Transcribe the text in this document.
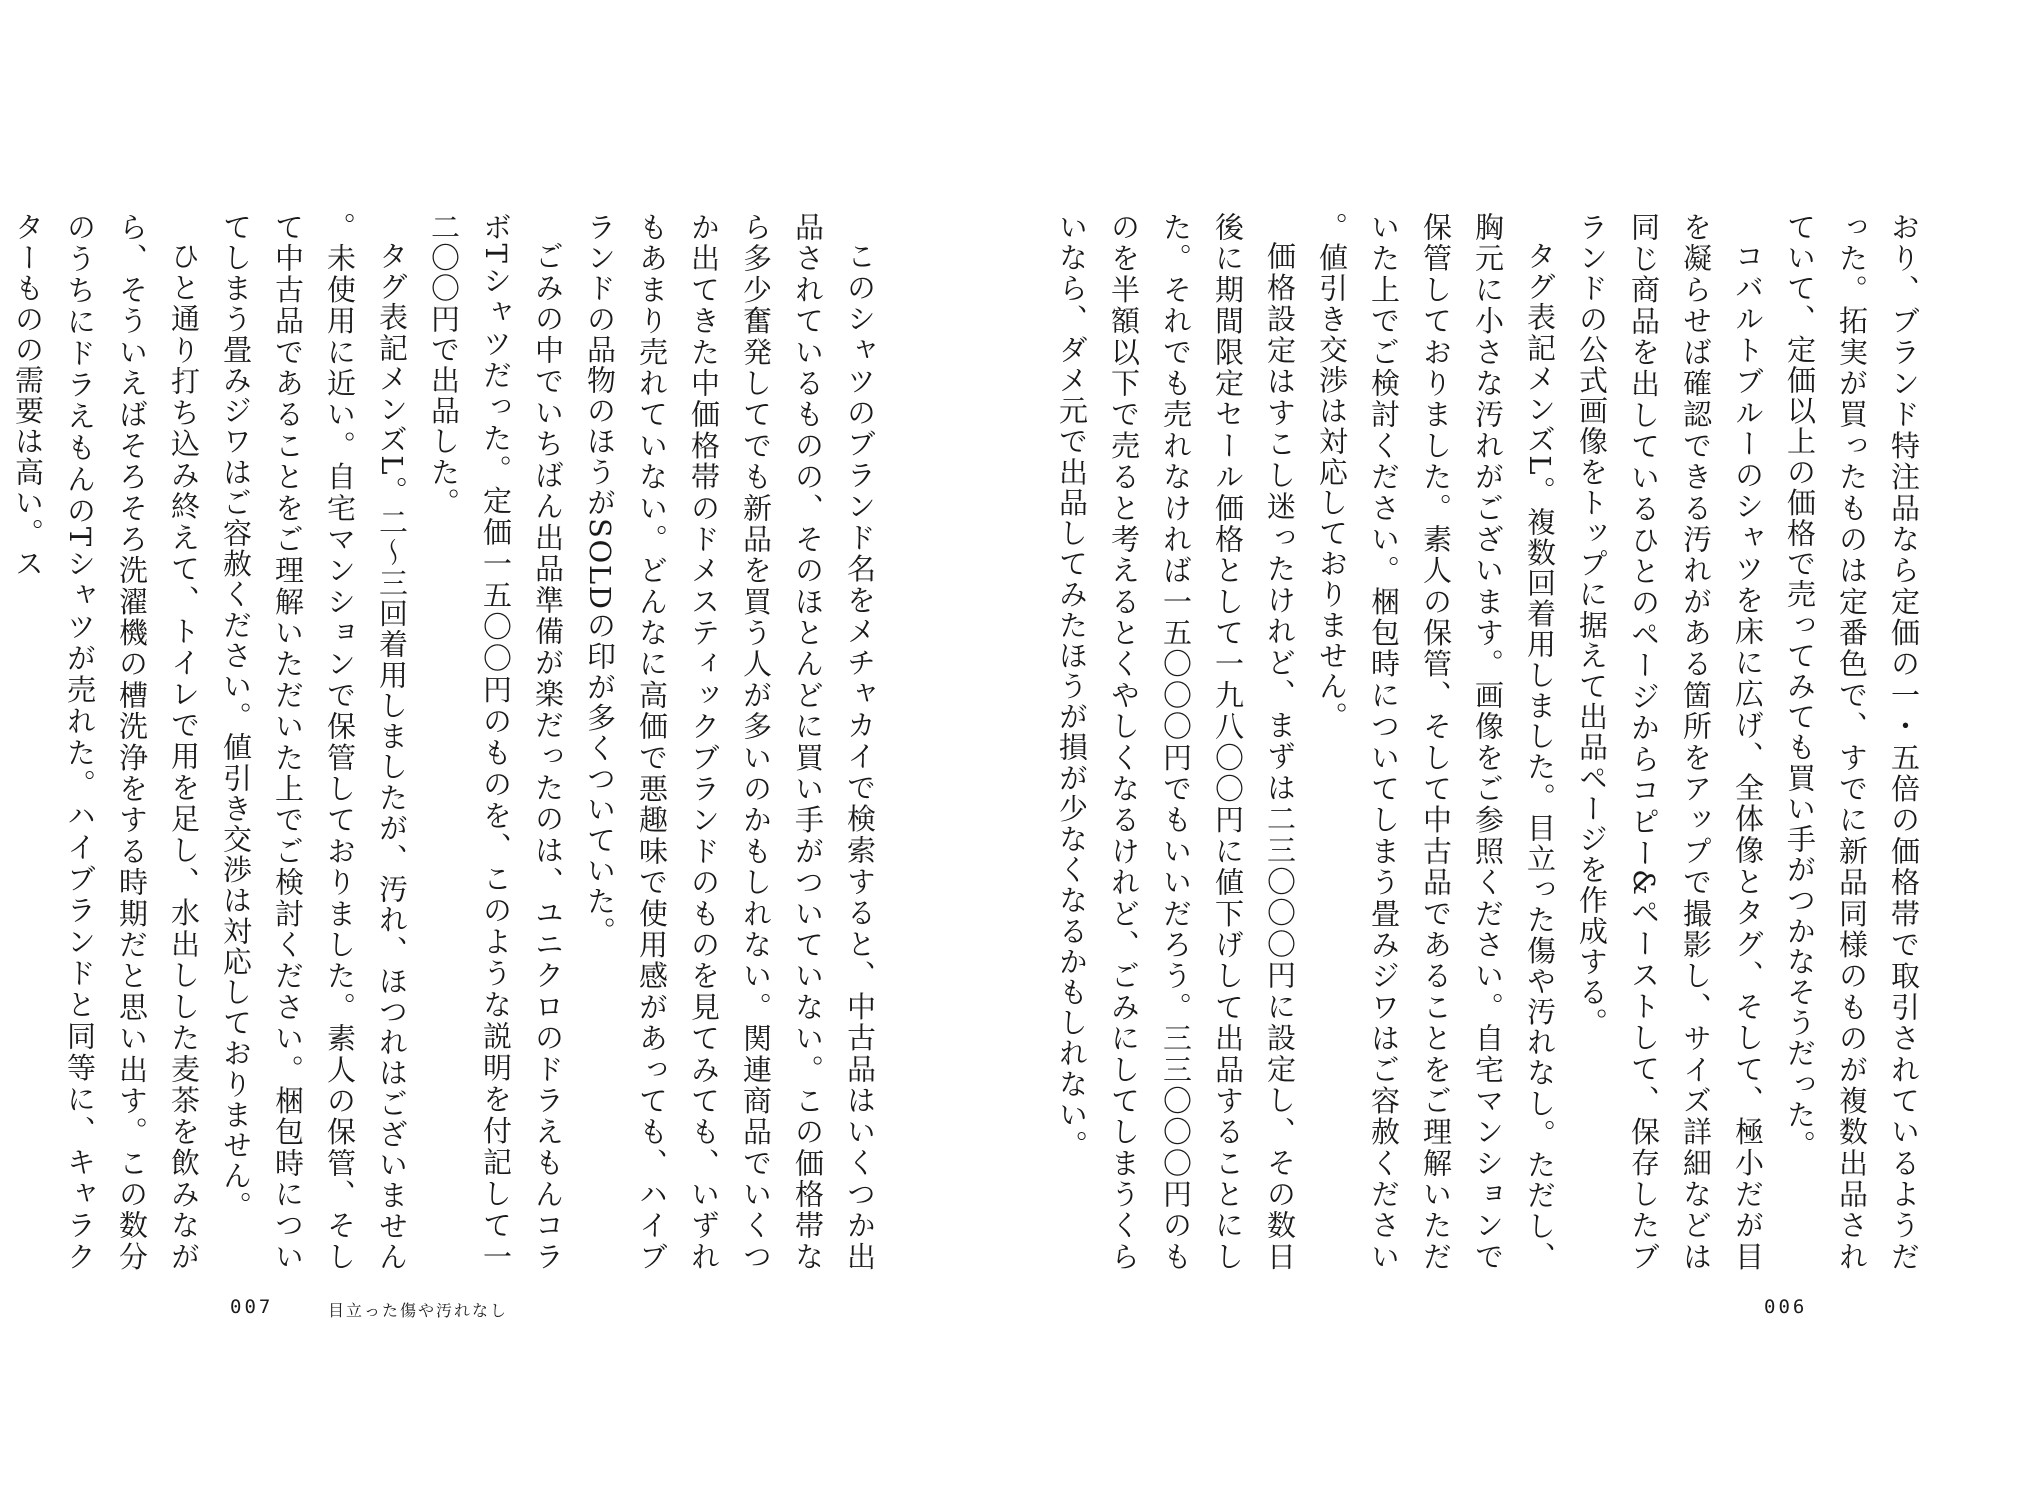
おり、ブランド特注品なら定価の一・五倍の価格帯で取引されているようだった。拓実が買ったものは定番色で、すでに新品同様のものが複数出品されていて、定価以上の価格で売ってみても買い手がつかなそうだった。

コバルトブルーのシャツを床に広げ、全体像とタグ、そして、極小だが目を凝らせば確認できる汚れがある箇所をアップで撮影し、サイズ詳細などは同じ商品を出しているひとのページからコピー&ペーストして、保存したブランドの公式画像をトップに据えて出品ページを作成する。

タグ表記メンズL。複数回着用しました。目立った傷や汚れなし。ただし、胸元に小さな汚れがございます。画像をご参照ください。自宅マンションで保管しておりました。素人の保管、そして中古品であることをご理解いただいた上でご検討ください。梱包時についてしまう畳みジワはご容赦ください。値引き交渉は対応しておりません。

価格設定はすこし迷ったけれど、まずは二三〇〇〇円に設定し、その数日後に期間限定セール価格として一九八〇〇円に値下げして出品することにした。それでも売れなければ一五〇〇〇円でもいいだろう。三三〇〇〇円のものを半額以下で売ると考えるとくやしくなるけれど、ごみにしてしまうくらいなら、ダメ元で出品してみたほうが損が少なくなるかもしれない。

006

このシャツのブランド名をメチャカイで検索すると、中古品はいくつか出品されているものの、そのほとんどに買い手がついていない。この価格帯なら多少奮発してでも新品を買う人が多いのかもしれない。関連商品でいくつか出てきた中価格帯のドメスティックブランドのものを見てみても、いずれもあまり売れていない。どんなに高価で悪趣味で使用感があっても、ハイブランドの品物のほうがSOLDの印が多くついていた。

ごみの中でいちばん出品準備が楽だったのは、ユニクロのドラえもんコラボTシャツだった。定価一五〇〇円のものを、このような説明を付記して一二〇〇円で出品した。

タグ表記メンズL。二〜三回着用しましたが、汚れ、ほつれはございません。未使用に近い。自宅マンションで保管しておりました。素人の保管、そして中古品であることをご理解いただいた上でご検討ください。梱包時についてしまう畳みジワはご容赦ください。値引き交渉は対応しておりません。

ひと通り打ち込み終えて、トイレで用を足し、水出しした麦茶を飲みながら、そういえばそろそろ洗濯機の槽洗浄をする時期だと思い出す。この数分のうちにドラえもんのTシャツが売れた。ハイブランドと同等に、キャラクターものの需要は高い。ス

007	目立った傷や汚れなし
